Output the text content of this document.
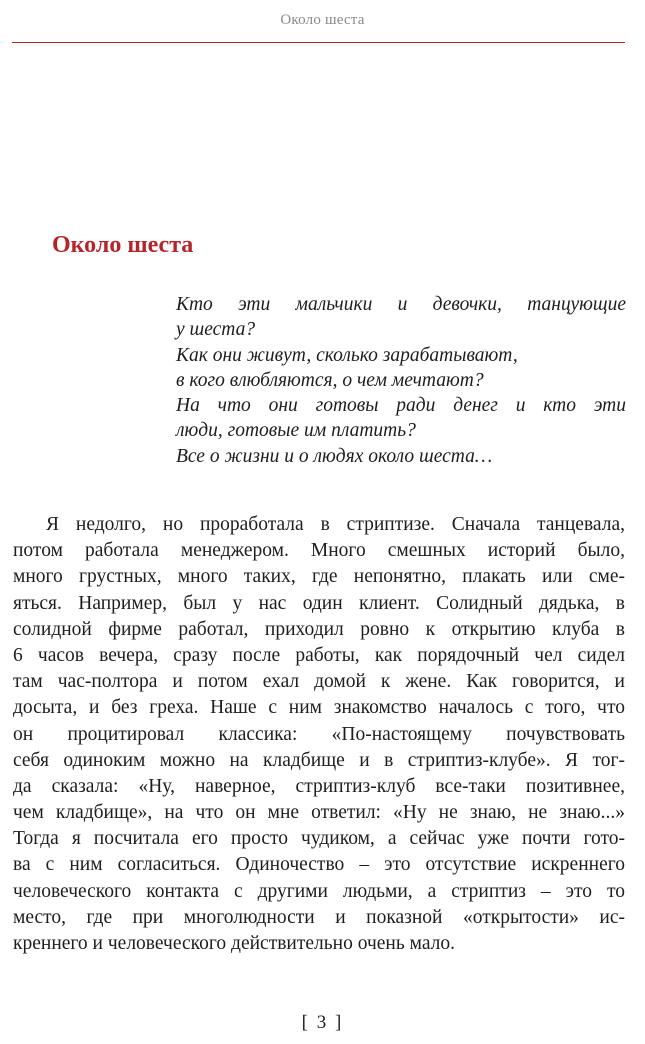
Около шеста
Около шеста
Кто эти мальчики и девочки, танцующие
у шеста?
Как они живут, сколько зарабатывают,
в кого влюбляются, о чем мечтают?
На что они готовы ради денег и кто эти
люди, готовые им платить?
Все о жизни и о людях около шеста…
Я недолго, но проработала в стриптизе. Сначала танцевала,
потом работала менеджером. Много смешных историй было,
много грустных, много таких, где непонятно, плакать или сме-
яться. Например, был у нас один клиент. Солидный дядька, в
солидной фирме работал, приходил ровно к открытию клуба в
6 часов вечера, сразу после работы, как порядочный чел сидел
там час-полтора и потом ехал домой к жене. Как говорится, и
досыта, и без греха. Наше с ним знакомство началось с того, что
он процитировал классика: «По-настоящему почувствовать
себя одиноким можно на кладбище и в стриптиз-клубе». Я тог-
да сказала: «Ну, наверное, стриптиз-клуб все-таки позитивнее,
чем кладбище», на что он мне ответил: «Ну не знаю, не знаю...»
Тогда я посчитала его просто чудиком, а сейчас уже почти гото-
ва с ним согласиться. Одиночество – это отсутствие искреннего
человеческого контакта с другими людьми, а стриптиз – это то
место, где при многолюдности и показной «открытости» ис-
креннего и человеческого действительно очень мало.
[ 3 ]
